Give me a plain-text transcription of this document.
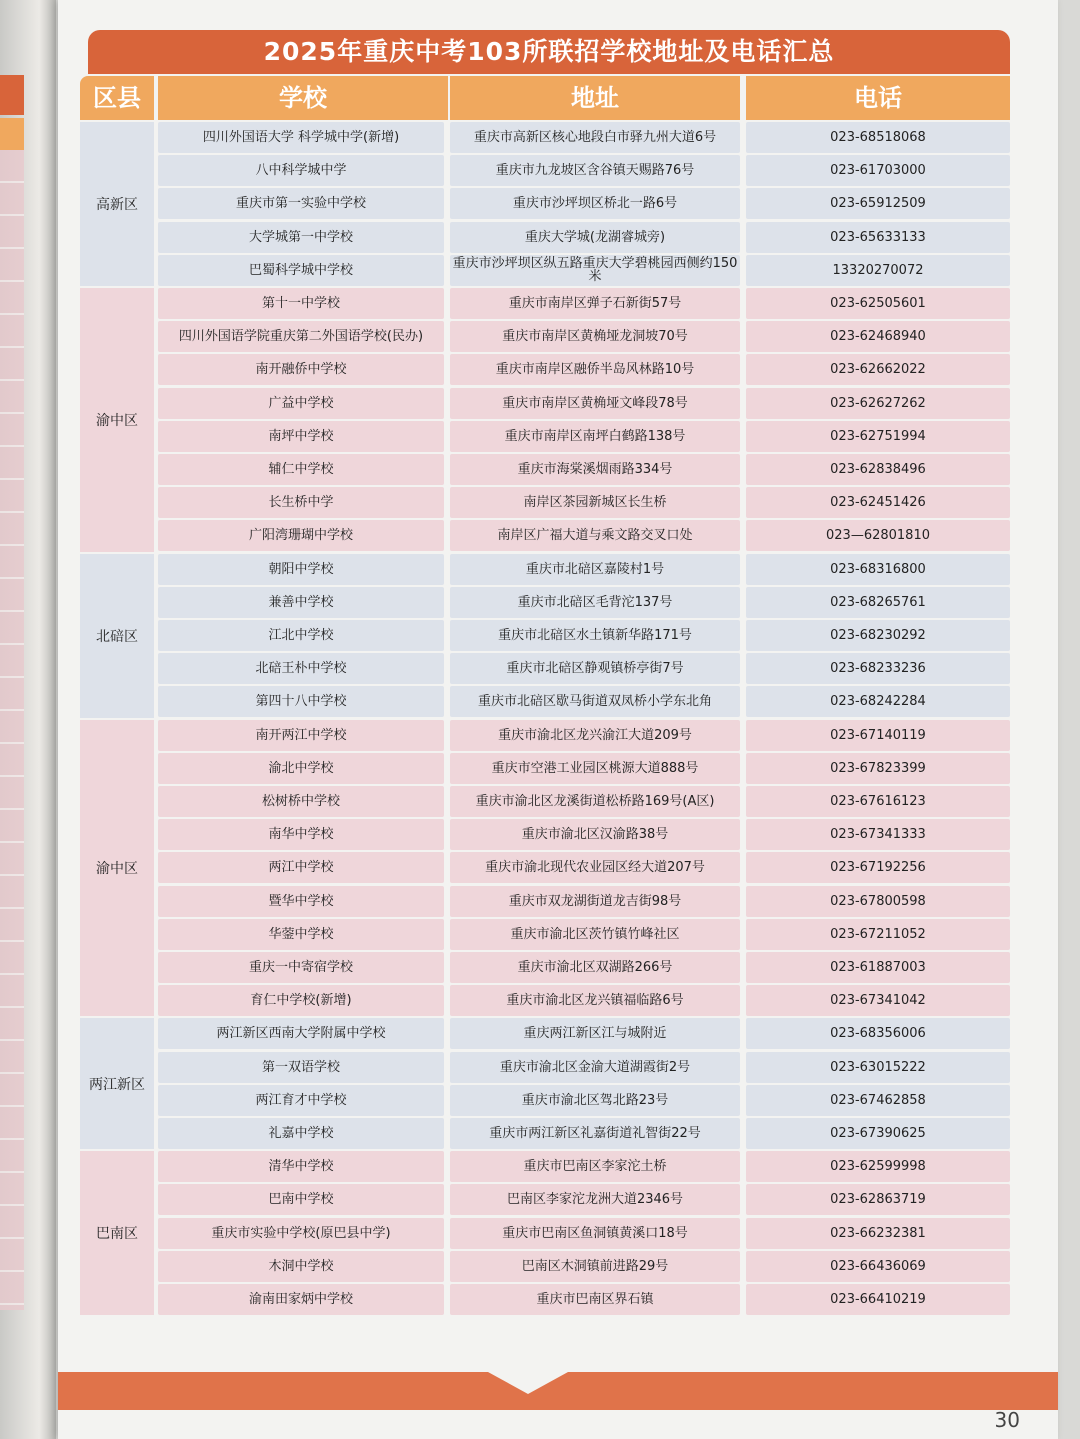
2025年重庆中考103所联招学校地址及电话汇总
区县	学校	地址	电话
高新区
四川外国语大学 科学城中学(新增)	重庆市高新区核心地段白市驿九州大道6号	023-68518068
八中科学城中学	重庆市九龙坡区含谷镇天赐路76号	023-61703000
重庆市第一实验中学校	重庆市沙坪坝区桥北一路6号	023-65912509
大学城第一中学校	重庆大学城(龙湖睿城旁)	023-65633133
巴蜀科学城中学校	重庆市沙坪坝区纵五路重庆大学碧桃园西侧约150米	13320270072
渝中区
第十一中学校	重庆市南岸区弹子石新街57号	023-62505601
四川外国语学院重庆第二外国语学校(民办)	重庆市南岸区黄桷垭龙洞坡70号	023-62468940
南开融侨中学校	重庆市南岸区融侨半岛风林路10号	023-62662022
广益中学校	重庆市南岸区黄桷垭文峰段78号	023-62627262
南坪中学校	重庆市南岸区南坪白鹤路138号	023-62751994
辅仁中学校	重庆市海棠溪烟雨路334号	023-62838496
长生桥中学	南岸区茶园新城区长生桥	023-62451426
广阳湾珊瑚中学校	南岸区广福大道与乘文路交叉口处	023—62801810
北碚区
朝阳中学校	重庆市北碚区嘉陵村1号	023-68316800
兼善中学校	重庆市北碚区毛背沱137号	023-68265761
江北中学校	重庆市北碚区水土镇新华路171号	023-68230292
北碚王朴中学校	重庆市北碚区静观镇桥亭街7号	023-68233236
第四十八中学校	重庆市北碚区歇马街道双凤桥小学东北角	023-68242284
渝中区
南开两江中学校	重庆市渝北区龙兴渝江大道209号	023-67140119
渝北中学校	重庆市空港工业园区桃源大道888号	023-67823399
松树桥中学校	重庆市渝北区龙溪街道松桥路169号(A区)	023-67616123
南华中学校	重庆市渝北区汉渝路38号	023-67341333
两江中学校	重庆市渝北现代农业园区经大道207号	023-67192256
暨华中学校	重庆市双龙湖街道龙吉街98号	023-67800598
华蓥中学校	重庆市渝北区茨竹镇竹峰社区	023-67211052
重庆一中寄宿学校	重庆市渝北区双湖路266号	023-61887003
育仁中学校(新增)	重庆市渝北区龙兴镇福临路6号	023-67341042
两江新区
两江新区西南大学附属中学校	重庆两江新区江与城附近	023-68356006
第一双语学校	重庆市渝北区金渝大道湖霞街2号	023-63015222
两江育才中学校	重庆市渝北区驾北路23号	023-67462858
礼嘉中学校	重庆市两江新区礼嘉街道礼智街22号	023-67390625
巴南区
清华中学校	重庆市巴南区李家沱土桥	023-62599998
巴南中学校	巴南区李家沱龙洲大道2346号	023-62863719
重庆市实验中学校(原巴县中学)	重庆市巴南区鱼洞镇黄溪口18号	023-66232381
木洞中学校	巴南区木洞镇前进路29号	023-66436069
渝南田家炳中学校	重庆市巴南区界石镇	023-66410219
30
